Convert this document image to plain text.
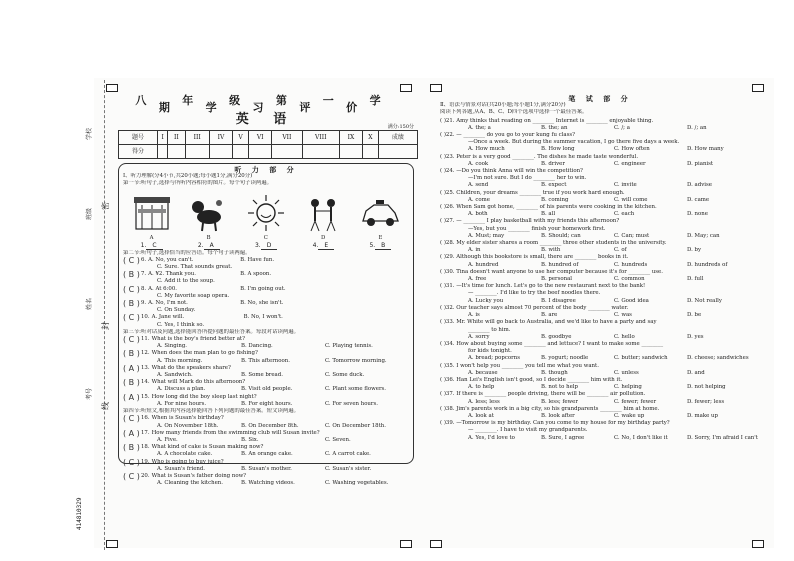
学校
班级
姓名
考号
密
封
线
414810329
八 年 级 第 一 学 期 学 习 评 价
英 语	满分:150分
题号	I	II	III	IV	V	VI	VII	VIII	IX	X	成绩
得分											
听 力 部 分
Ⅰ、听力理解(分4小节,共20小题;每小题1分,满分20分)
第一节:听句子,选择与所听内容相符的图片。每个句子读两遍。
A	B	C	D	E
1. C	2. A	3. D	4. E	5. B
第二节:听句子,选择恰当的应答语。每个句子读两遍。
( C ) 6. A. No, you can't.	B. Have fun.
C. Sure. That sounds great.
( B ) 7. A. ¥2. Thank you.	B. A spoon.
C. Add it to the soup.
( C ) 8. A. At 6:00.	B. I'm going out.
C. My favorite soap opera.
( B ) 9. A. No, I'm not.	B. No, she isn't.
C. On Sunday.
( C ) 10. A. Jane will.	B. No, I won't.
C. Yes, I think so.
第三节:听对话及问题,选择能回答所提问题的最佳答案。每段对话读两遍。
( C ) 11. What is the boy's friend better at?
A. Singing.	B. Dancing.	C. Playing tennis.
( B ) 12. When does the man plan to go fishing?
A. This morning.	B. This afternoon.	C. Tomorrow morning.
( A ) 13. What do the speakers share?
A. Sandwich.	B. Some bread.	C. Some duck.
( B ) 14. What will Mark do this afternoon?
A. Discuss a plan.	B. Visit old people.	C. Plant some flowers.
( A ) 15. How long did the boy sleep last night?
A. For nine hours.	B. For eight hours.	C. For seven hours.
第四节:听短文,根据其内容选择能回答下列问题的最佳答案。短文读两遍。
( C ) 16. When is Susan's birthday?
A. On November 18th.	B. On December 8th.	C. On December 18th.
( A ) 17. How many friends from the swimming club will Susan invite?
A. Five.	B. Six.	C. Seven.
( B ) 18. What kind of cake is Susan making now?
A. A chocolate cake.	B. An orange cake.	C. A carrot cake.
( C ) 19. Who is going to buy juice?
A. Susan's friend.	B. Susan's mother.	C. Susan's sister.
( C ) 20. What is Susan's father doing now?
A. Cleaning the kitchen.	B. Watching videos.	C. Washing vegetables.
笔 试 部 分
Ⅱ、语法与情景对话(共20小题;每小题1分,满分20分)
阅读下列各题,从A、B、C、D四个选项中选择一个最佳答案。
( )21. Amy thinks that reading on ________ Internet is ________ enjoyable thing.
A. the; a	B. the; an	C. /; a	D. /; an
( )22. — ________ do you go to your kung fu class?
—Once a week. But during the summer vacation, I go there five days a week.
A. How much	B. How long	C. How often	D. How many
( )23. Peter is a very good ________. The dishes he made taste wonderful.
A. cook	B. driver	C. engineer	D. pianist
( )24. —Do you think Anna will win the competition?
—I'm not sure. But I do ________ her to win.
A. send	B. expect	C. invite	D. advise
( )25. Children, your dreams ________ true if you work hard enough.
A. come	B. coming	C. will come	D. came
( )26. When Sam got home, ________ of his parents were cooking in the kitchen.
A. both	B. all	C. each	D. none
( )27. — ________ I play basketball with my friends this afternoon?
—Yes, but you ________ finish your homework first.
A. Must; may	B. Should; can	C. Can; must	D. May; can
( )28. My elder sister shares a room ________ three other students in the university.
A. in	B. with	C. of	D. by
( )29. Although this bookstore is small, there are ________ books in it.
A. hundred	B. hundred of	C. hundreds	D. hundreds of
( )30. Tina doesn't want anyone to use her computer because it's for ________ use.
A. free	B. personal	C. common	D. full
( )31. —It's time for lunch. Let's go to the new restaurant next to the bank!
— ________. I'd like to try the beef noodles there.
A. Lucky you	B. I disagree	C. Good idea	D. Not really
( )32. Our teacher says almost 70 percent of the body ________ water.
A. is	B. are	C. was	D. be
( )33. Mr. White will go back to Australia, and we'd like to have a party and say
________ to him.
A. sorry	B. goodbye	C. hello	D. yes
( )34. How about buying some ________ and lettuce? I want to make some ________
for kids tonight.
A. bread; popcorns	B. yogurt; noodle	C. butter; sandwich	D. cheese; sandwiches
( )35. I won't help you ________ you tell me what you want.
A. because	B. though	C. unless	D. and
( )36. Han Lei's English isn't good, so I decide ________ him with it.
A. to help	B. not to help	C. helping	D. not helping
( )37. If there is ________ people driving, there will be ________ air pollution.
A. less; less	B. less; fewer	C. fewer; fewer	D. fewer; less
( )38. Jim's parents work in a big city, so his grandparents ________ him at home.
A. look at	B. look after	C. wake up	D. make up
( )39. —Tomorrow is my birthday. Can you come to my house for my birthday party?
— ________. I have to visit my grandparents.
A. Yes, I'd love to	B. Sure, I agree	C. No, I don't like it	D. Sorry, I'm afraid I can't
